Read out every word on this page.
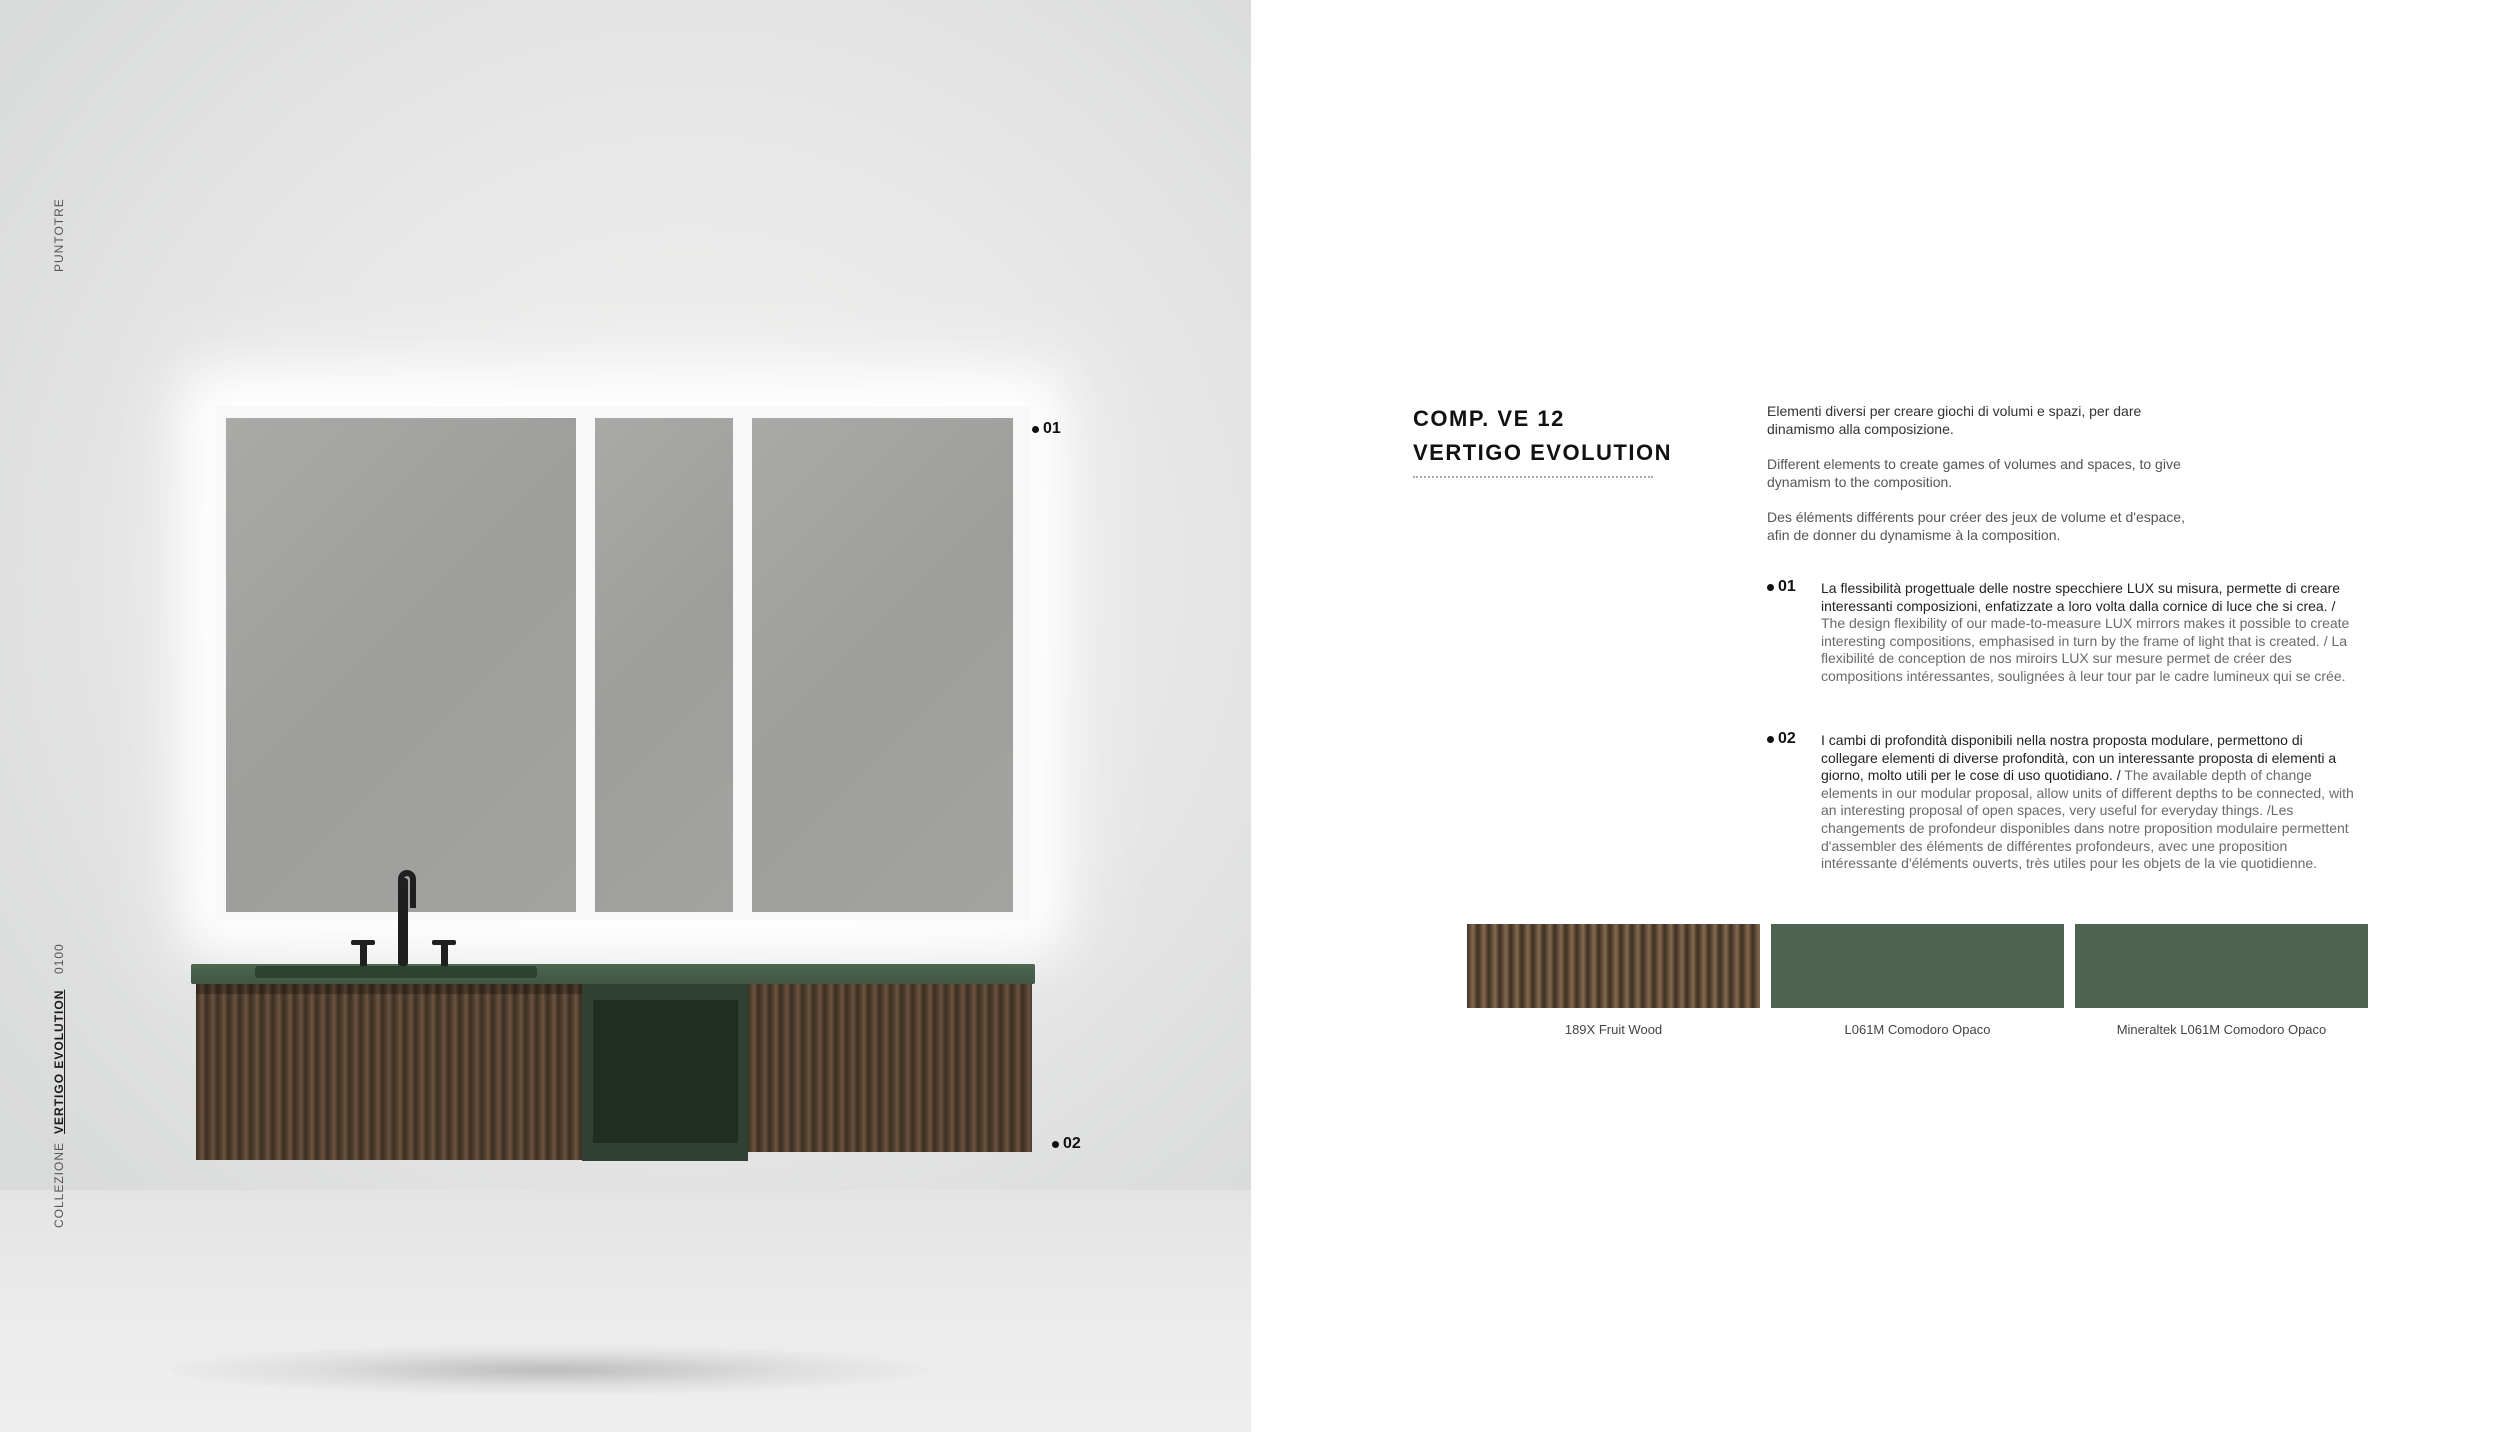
PUNTOTRE
0100
COLLEZIONEVERTIGO EVOLUTION
01
02
COMP. VE 12
VERTIGO EVOLUTION

Elementi diversi per creare giochi di volumi e spazi, per dare dinamismo alla composizione.

Different elements to create games of volumes and spaces, to give dynamism to the composition.

Des éléments différents pour créer des jeux de volume et d'espace, afin de donner du dynamisme à la composition.

01 La flessibilità progettuale delle nostre specchiere LUX su misura, permette di creare interessanti composizioni, enfatizzate a loro volta dalla cornice di luce che si crea. / The design flexibility of our made-to-measure LUX mirrors makes it possible to create interesting compositions, emphasised in turn by the frame of light that is created. / La flexibilité de conception de nos miroirs LUX sur mesure permet de créer des compositions intéressantes, soulignées à leur tour par le cadre lumineux qui se crée.

02 I cambi di profondità disponibili nella nostra proposta modulare, permettono di collegare elementi di diverse profondità, con un interessante proposta di elementi a giorno, molto utili per le cose di uso quotidiano. / The available depth of change elements in our modular proposal, allow units of different depths to be connected, with an interesting proposal of open spaces, very useful for everyday things. /Les changements de profondeur disponibles dans notre proposition modulaire permettent d'assembler des éléments de différentes profondeurs, avec une proposition intéressante d'éléments ouverts, très utiles pour les objets de la vie quotidienne.

189X Fruit Wood	L061M Comodoro Opaco	Mineraltek L061M Comodoro Opaco
